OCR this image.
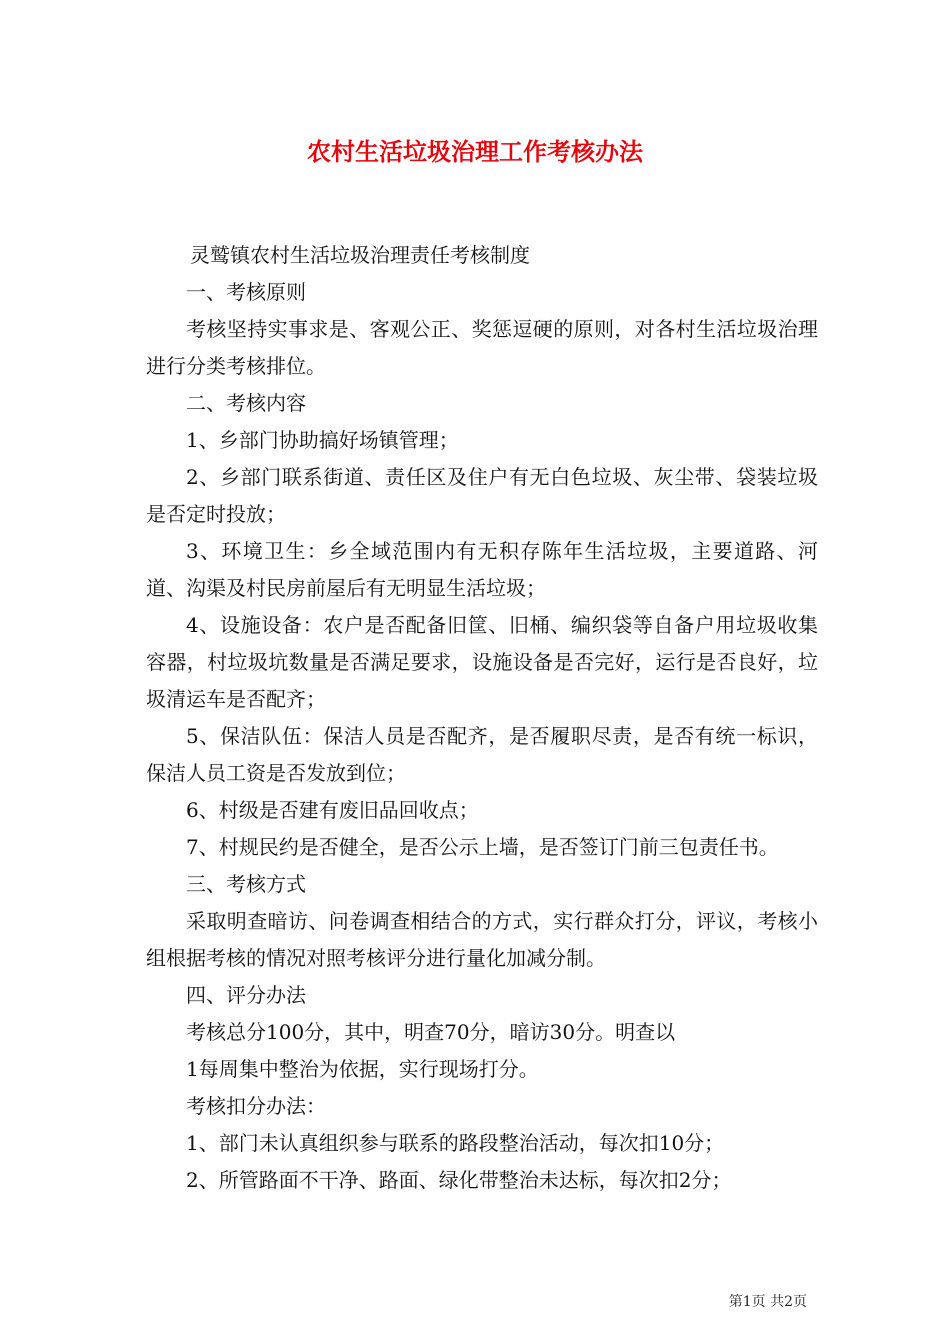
农村生活垃圾治理工作考核办法

灵鹫镇农村生活垃圾治理责任考核制度

一、考核原则

考核坚持实事求是、客观公正、奖惩逗硬的原则，对各村生活垃圾治理进行分类考核排位。

二、考核内容

1、乡部门协助搞好场镇管理；

2、乡部门联系街道、责任区及住户有无白色垃圾、灰尘带、袋装垃圾是否定时投放；

3、环境卫生：乡全域范围内有无积存陈年生活垃圾，主要道路、河道、沟渠及村民房前屋后有无明显生活垃圾；

4、设施设备：农户是否配备旧筐、旧桶、编织袋等自备户用垃圾收集容器，村垃圾坑数量是否满足要求，设施设备是否完好，运行是否良好，垃圾清运车是否配齐；

5、保洁队伍：保洁人员是否配齐，是否履职尽责，是否有统一标识，保洁人员工资是否发放到位；

6、村级是否建有废旧品回收点；

7、村规民约是否健全，是否公示上墙，是否签订门前三包责任书。

三、考核方式

采取明查暗访、问卷调查相结合的方式，实行群众打分，评议，考核小组根据考核的情况对照考核评分进行量化加减分制。

四、评分办法

考核总分100分，其中，明查70分，暗访30分。明查以

1每周集中整治为依据，实行现场打分。

考核扣分办法：

1、部门未认真组织参与联系的路段整治活动，每次扣10分；

2、所管路面不干净、路面、绿化带整治未达标，每次扣2分；

第1页 共2页
